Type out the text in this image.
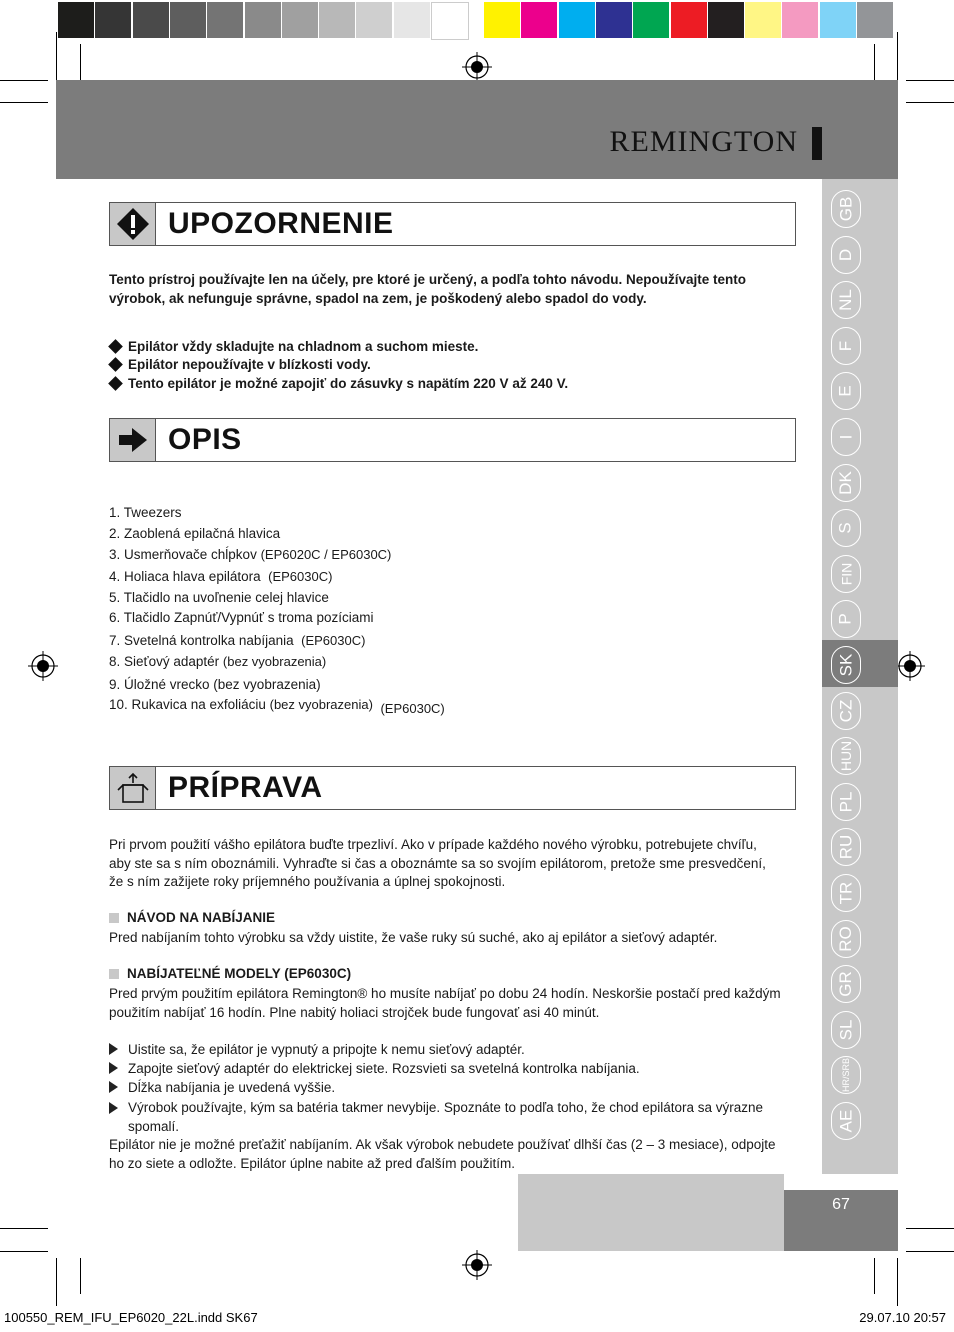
REMINGTON
GB
D
NL
F
E
I
DK
S
FIN
P
SK
CZ
HUN
PL
RU
TR
RO
GR
SL
HR/SRB
AE
67
UPOZORNENIE
Tento prístroj používajte len na účely, pre ktoré je určený, a podľa tohto návodu. Nepoužívajte tento výrobok, ak nefunguje správne, spadol na zem, je poškodený alebo spadol do vody.
Epilátor vždy skladujte na chladnom a suchom mieste.
Epilátor nepoužívajte v blízkosti vody.
Tento epilátor je možné zapojiť do zásuvky s napätím 220 V až 240 V.
OPIS
1. Tweezers
2. Zaoblená epilačná hlavica
3. Usmerňovače chĺpkov (EP6020C / EP6030C)
4. Holiaca hlava epilátora (EP6030C)
5. Tlačidlo na uvoľnenie celej hlavice
6. Tlačidlo Zapnúť/Vypnúť s troma pozíciami
7. Svetelná kontrolka nabíjania (EP6030C)
8. Sieťový adaptér (bez vyobrazenia)
9. Úložné vrecko (bez vyobrazenia)
10. Rukavica na exfoliáciu (bez vyobrazenia) (EP6030C)
PRÍPRAVA
Pri prvom použití vášho epilátora buďte trpezliví. Ako v prípade každého nového výrobku, potrebujete chvíľu, aby ste sa s ním oboznámili. Vyhraďte si čas a oboznámte sa so svojím epilátorom, pretože sme presvedčení, že s ním zažijete roky príjemného používania a úplnej spokojnosti.
NÁVOD NA NABÍJANIE
Pred nabíjaním tohto výrobku sa vždy uistite, že vaše ruky sú suché, ako aj epilátor a sieťový adaptér.
NABÍJATEĽNÉ MODELY (EP6030C)
Pred prvým použitím epilátora Remington® ho musíte nabíjať po dobu 24 hodín. Neskoršie postačí pred každým použitím nabíjať 16 hodín. Plne nabitý holiaci strojček bude fungovať asi 40 minút.
Uistite sa, že epilátor je vypnutý a pripojte k nemu sieťový adaptér.
Zapojte sieťový adaptér do elektrickej siete. Rozsvieti sa svetelná kontrolka nabíjania.
Dĺžka nabíjania je uvedená vyššie.
Výrobok používajte, kým sa batéria takmer nevybije. Spoznáte to podľa toho, že chod epilátora sa výrazne spomalí.
Epilátor nie je možné preťažiť nabíjaním. Ak však výrobok nebudete používať dlhší čas (2 – 3 mesiace), odpojte ho zo siete a odložte. Epilátor úplne nabite až pred ďalším použitím.
100550_REM_IFU_EP6020_22L.indd SK67	29.07.10 20:57
